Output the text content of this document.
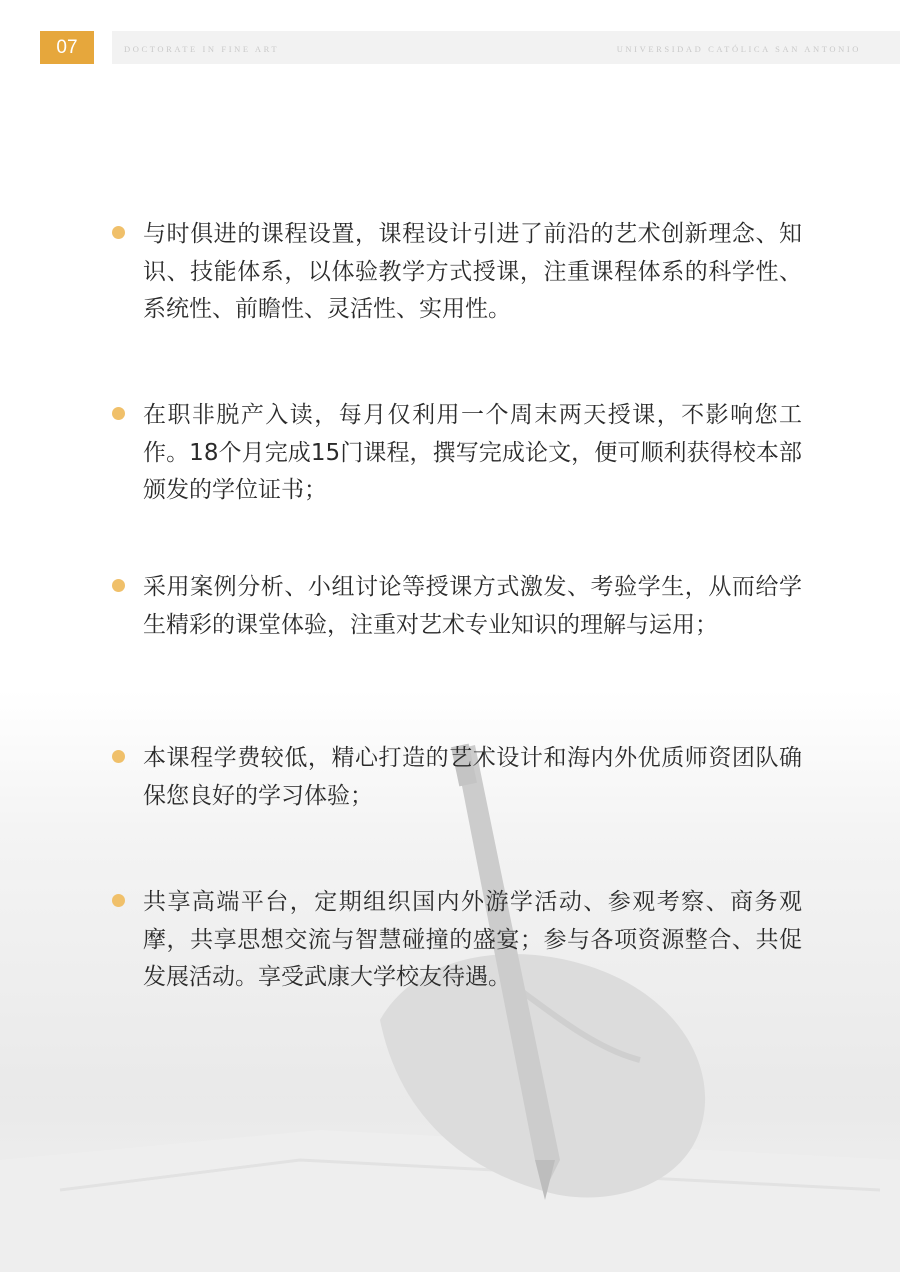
07	DOCTORATE IN FINE ART	UNIVERSIDAD CATÓLICA SAN ANTONIO
与时俱进的课程设置，课程设计引进了前沿的艺术创新理念、知识、技能体系，以体验教学方式授课，注重课程体系的科学性、系统性、前瞻性、灵活性、实用性。
在职非脱产入读，每月仅利用一个周末两天授课，不影响您工作。18个月完成15门课程，撰写完成论文，便可顺利获得校本部颁发的学位证书；
采用案例分析、小组讨论等授课方式激发、考验学生，从而给学生精彩的课堂体验，注重对艺术专业知识的理解与运用；
本课程学费较低，精心打造的艺术设计和海内外优质师资团队确保您良好的学习体验；
共享高端平台，定期组织国内外游学活动、参观考察、商务观摩，共享思想交流与智慧碰撞的盛宴；参与各项资源整合、共促发展活动。享受武康大学校友待遇。
